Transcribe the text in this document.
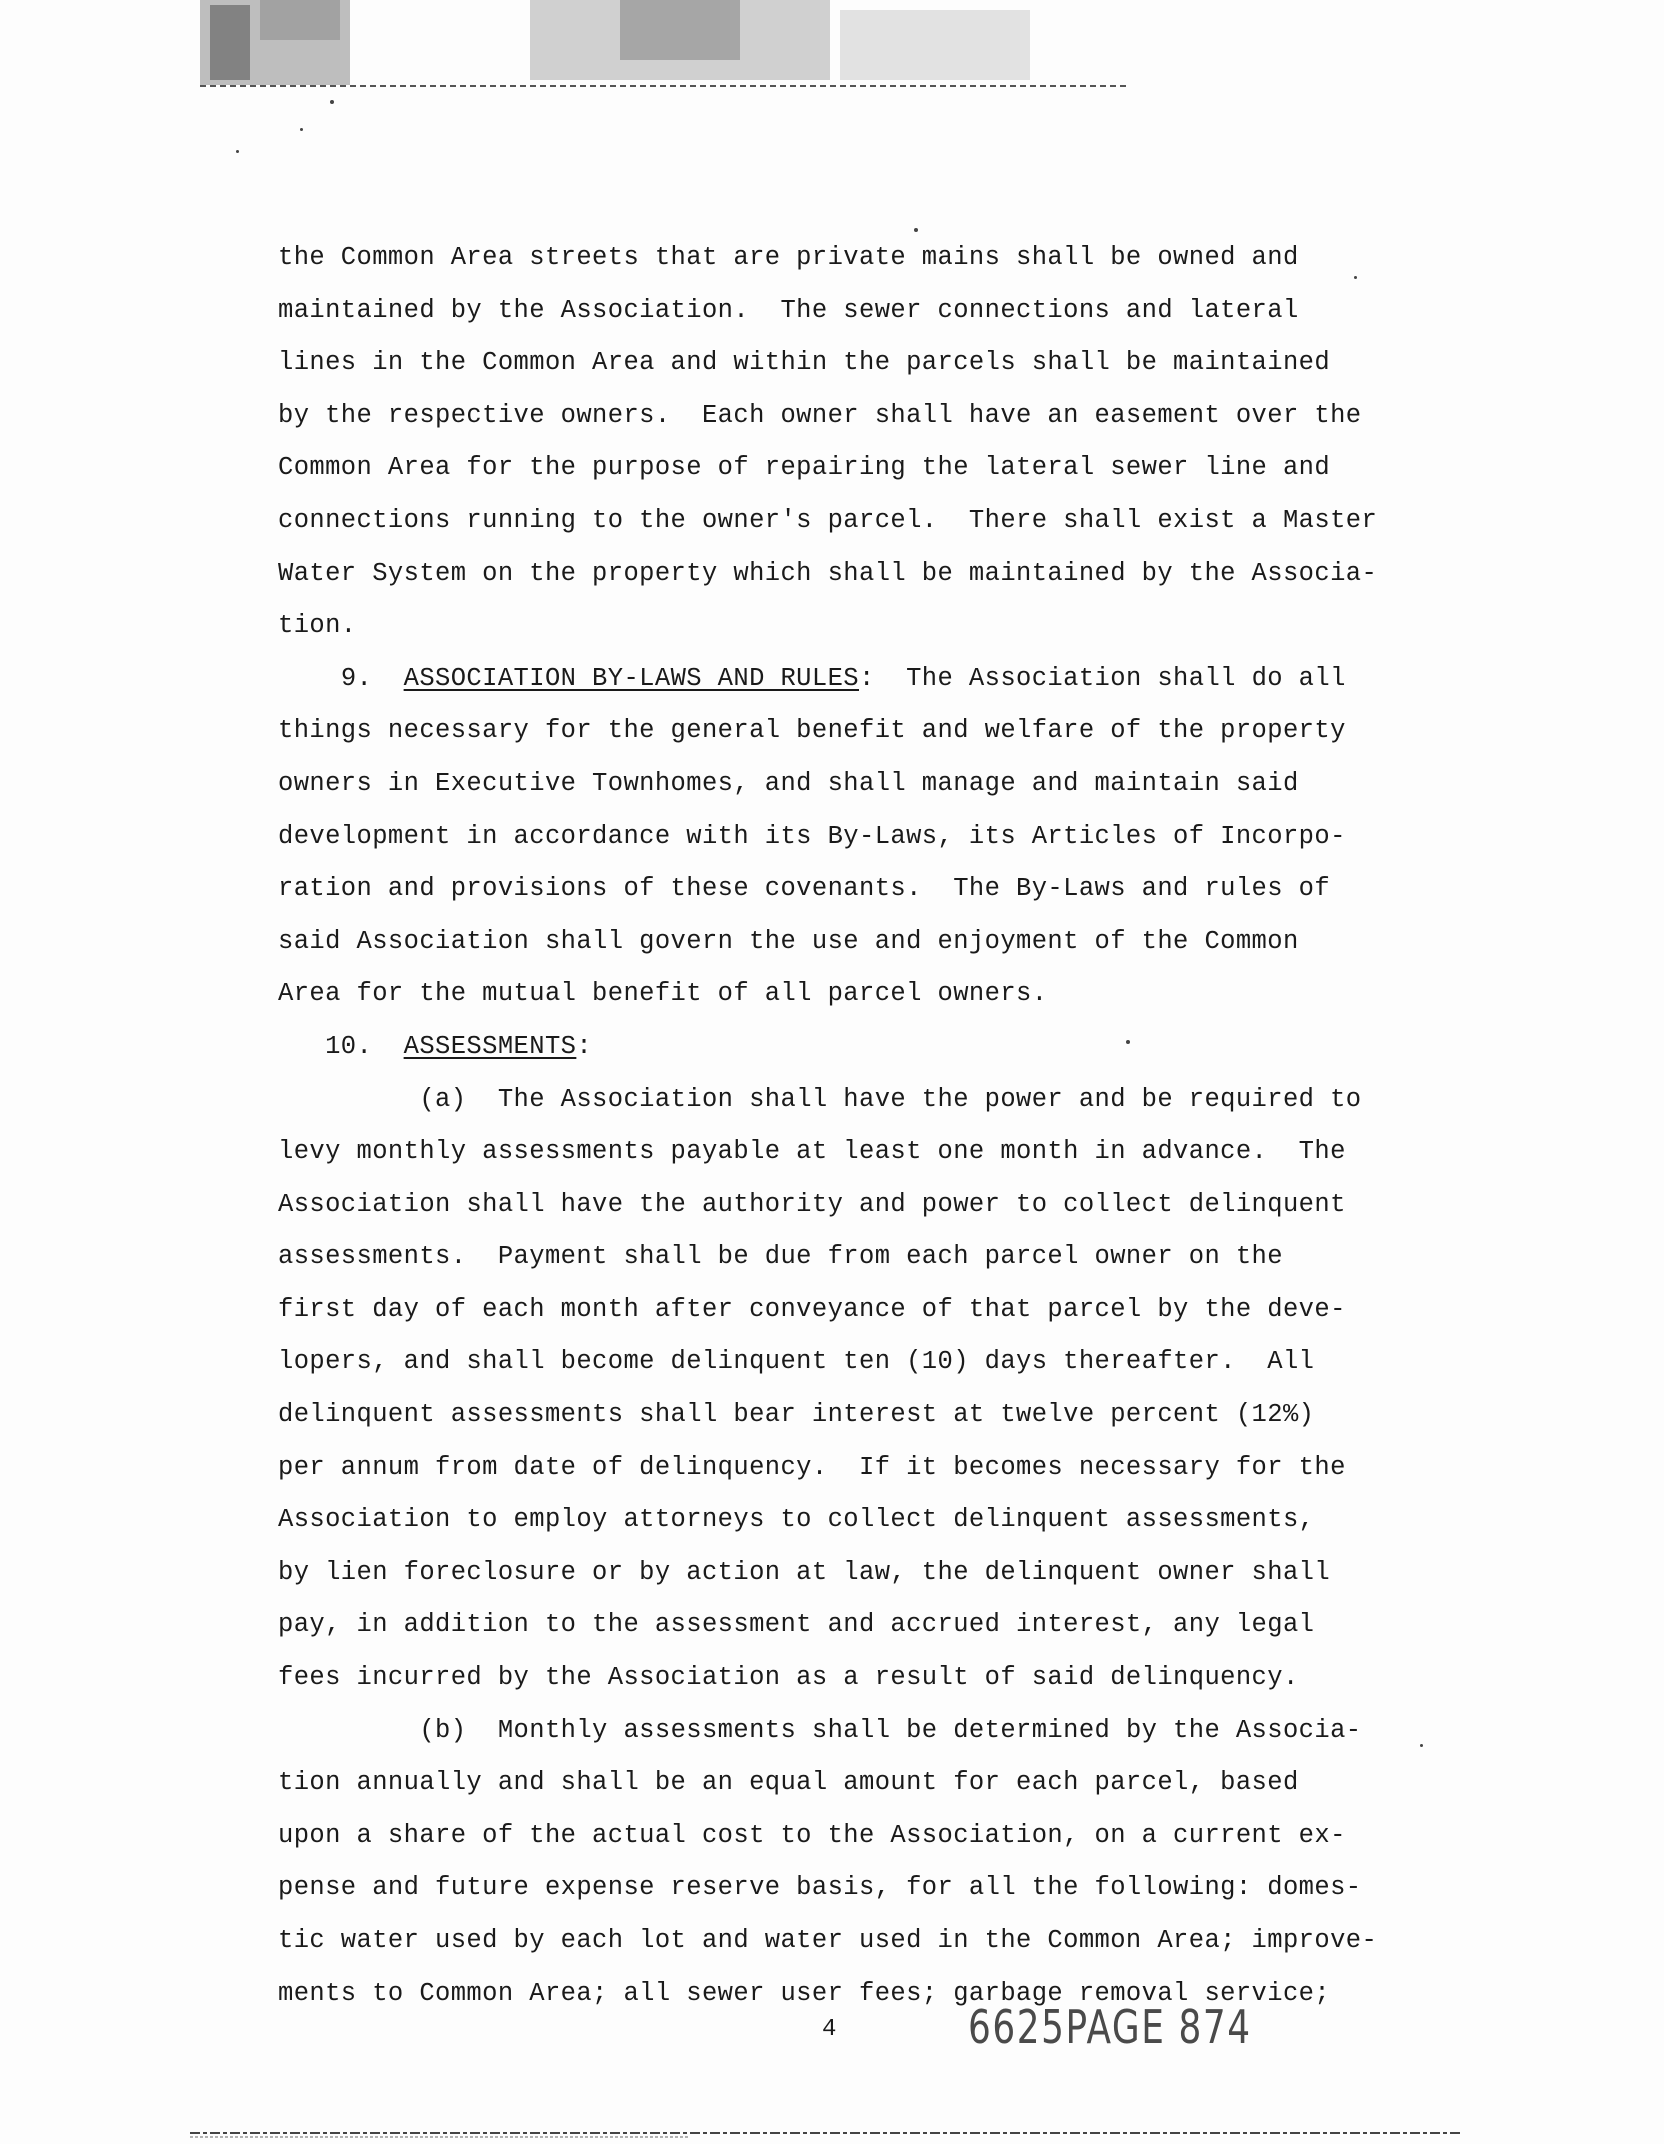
the Common Area streets that are private mains shall be owned and
maintained by the Association.  The sewer connections and lateral
lines in the Common Area and within the parcels shall be maintained
by the respective owners.  Each owner shall have an easement over the
Common Area for the purpose of repairing the lateral sewer line and
connections running to the owner's parcel.  There shall exist a Master
Water System on the property which shall be maintained by the Associa-
tion.
9. ASSOCIATION BY-LAWS AND RULES: The Association shall do all
things necessary for the general benefit and welfare of the property
owners in Executive Townhomes, and shall manage and maintain said
development in accordance with its By-Laws, its Articles of Incorpo-
ration and provisions of these covenants.  The By-Laws and rules of
said Association shall govern the use and enjoyment of the Common
Area for the mutual benefit of all parcel owners.
10. ASSESSMENTS:
(a)  The Association shall have the power and be required to
levy monthly assessments payable at least one month in advance.  The
Association shall have the authority and power to collect delinquent
assessments.  Payment shall be due from each parcel owner on the
first day of each month after conveyance of that parcel by the deve-
lopers, and shall become delinquent ten (10) days thereafter.  All
delinquent assessments shall bear interest at twelve percent (12%)
per annum from date of delinquency.  If it becomes necessary for the
Association to employ attorneys to collect delinquent assessments,
by lien foreclosure or by action at law, the delinquent owner shall
pay, in addition to the assessment and accrued interest, any legal
fees incurred by the Association as a result of said delinquency.
(b)  Monthly assessments shall be determined by the Associa-
tion annually and shall be an equal amount for each parcel, based
upon a share of the actual cost to the Association, on a current ex-
pense and future expense reserve basis, for all the following: domes-
tic water used by each lot and water used in the Common Area; improve-
ments to Common Area; all sewer user fees; garbage removal service;
4	6625PAGE 874
